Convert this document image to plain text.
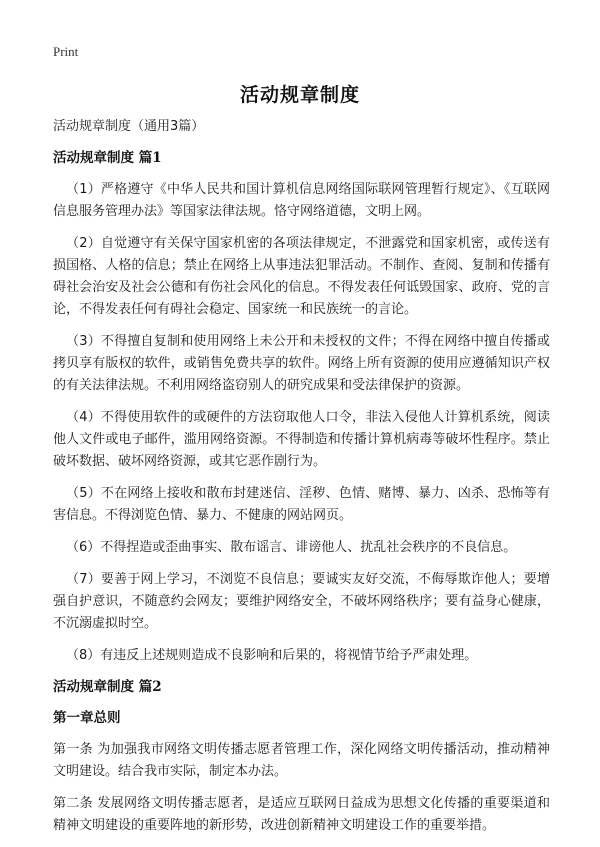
Print
活动规章制度
活动规章制度（通用3篇）
活动规章制度 篇1

（1）严格遵守《中华人民共和国计算机信息网络国际联网管理暂行规定》、《互联网信息服务管理办法》等国家法律法规。恪守网络道德，文明上网。

（2）自觉遵守有关保守国家机密的各项法律规定，不泄露党和国家机密，或传送有损国格、人格的信息；禁止在网络上从事违法犯罪活动。不制作、查阅、复制和传播有碍社会治安及社会公德和有伤社会风化的信息。不得发表任何诋毁国家、政府、党的言论，不得发表任何有碍社会稳定、国家统一和民族统一的言论。

（3）不得擅自复制和使用网络上未公开和未授权的文件；不得在网络中擅自传播或拷贝享有版权的软件，或销售免费共享的软件。网络上所有资源的使用应遵循知识产权的有关法律法规。不利用网络盗窃别人的研究成果和受法律保护的资源。

（4）不得使用软件的或硬件的方法窃取他人口令，非法入侵他人计算机系统，阅读他人文件或电子邮件，滥用网络资源。不得制造和传播计算机病毒等破坏性程序。禁止破坏数据、破坏网络资源，或其它恶作剧行为。

（5）不在网络上接收和散布封建迷信、淫秽、色情、赌博、暴力、凶杀、恐怖等有害信息。不得浏览色情、暴力、不健康的网站网页。

（6）不得捏造或歪曲事实、散布谣言、诽谤他人、扰乱社会秩序的不良信息。

（7）要善于网上学习，不浏览不良信息；要诚实友好交流，不侮辱欺诈他人；要增强自护意识，不随意约会网友；要维护网络安全，不破坏网络秩序；要有益身心健康，不沉溺虚拟时空。

（8）有违反上述规则造成不良影响和后果的，将视情节给予严肃处理。

活动规章制度 篇2
第一章总则

第一条 为加强我市网络文明传播志愿者管理工作，深化网络文明传播活动，推动精神文明建设。结合我市实际，制定本办法。

第二条 发展网络文明传播志愿者，是适应互联网日益成为思想文化传播的重要渠道和精神文明建设的重要阵地的新形势，改进创新精神文明建设工作的重要举措。
